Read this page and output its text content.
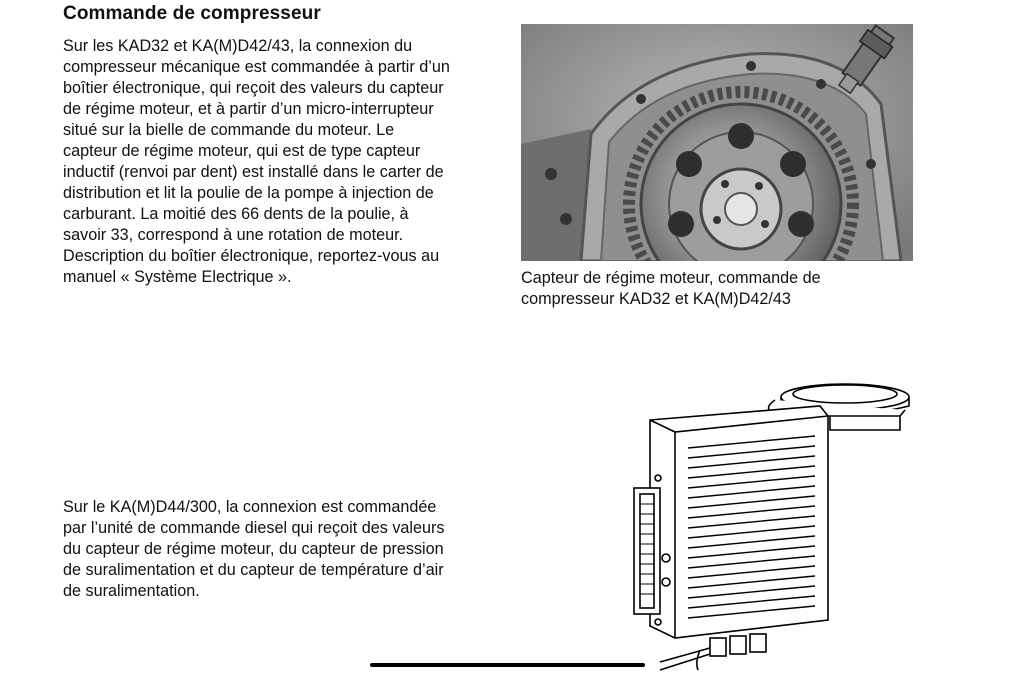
Commande de compresseur

Sur les KAD32 et KA(M)D42/43, la connexion du
compresseur mécanique est commandée à partir d’un
boîtier électronique, qui reçoit des valeurs du capteur
de régime moteur, et à partir d’un micro-interrupteur
situé sur la bielle de commande du moteur. Le
capteur de régime moteur, qui est de type capteur
inductif (renvoi par dent) est installé dans le carter de
distribution et lit la poulie de la pompe à injection de
carburant. La moitié des 66 dents de la poulie, à
savoir 33, correspond à une rotation de moteur.
Description du boîtier électronique, reportez-vous au
manuel « Système Electrique ».	Capteur de régime moteur, commande de
compresseur KAD32 et KA(M)D42/43

Sur le KA(M)D44/300, la connexion est commandée
par l’unité de commande diesel qui reçoit des valeurs
du capteur de régime moteur, du capteur de pression
de suralimentation et du capteur de température d’air
de suralimentation.
